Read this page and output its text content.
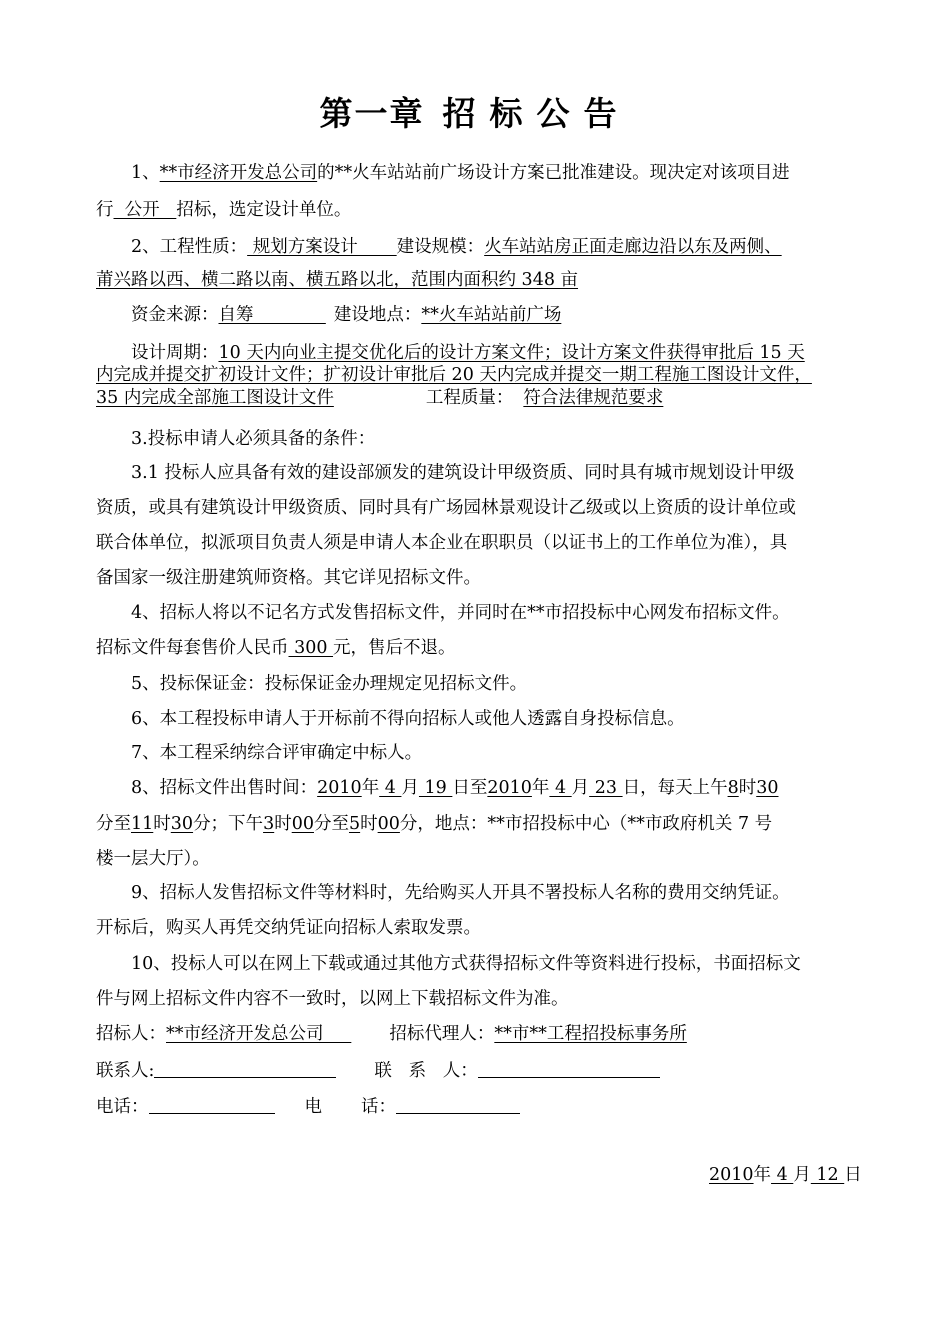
第一章 招标公告
1、**市经济开发总公司的**火车站站前广场设计方案已批准建设。现决定对该项目进
行  公开   招标，选定设计单位。
2、工程性质： 规划方案设计       建设规模：火车站站房正面走廊边沿以东及两侧、
莆兴路以西、横二路以南、横五路以北，范围内面积约 348 亩
资金来源：自筹             建设地点：**火车站站前广场
设计周期：10 天内向业主提交优化后的设计方案文件；设计方案文件获得审批后 15 天
内完成并提交扩初设计文件；扩初设计审批后 20 天内完成并提交一期工程施工图设计文件，
35 内完成全部施工图设计文件	工程质量： 符合法律规范要求
3.投标申请人必须具备的条件：
3.1 投标人应具备有效的建设部颁发的建筑设计甲级资质、同时具有城市规划设计甲级
资质，或具有建筑设计甲级资质、同时具有广场园林景观设计乙级或以上资质的设计单位或
联合体单位，拟派项目负责人须是申请人本企业在职职员（以证书上的工作单位为准），具
备国家一级注册建筑师资格。其它详见招标文件。
4、招标人将以不记名方式发售招标文件，并同时在**市招投标中心网发布招标文件。
招标文件每套售价人民币 300 元，售后不退。
5、投标保证金：投标保证金办理规定见招标文件。
6、本工程投标申请人于开标前不得向招标人或他人透露自身投标信息。
7、本工程采纳综合评审确定中标人。
8、招标文件出售时间：2010年 4 月 19 日至2010年 4 月 23 日，每天上午8时30
分至11时30分；下午3时00分至5时00分，地点：**市招投标中心（**市政府机关 7 号
楼一层大厅）。
9、招标人发售招标文件等材料时，先给购买人开具不署投标人名称的费用交纳凭证。
开标后，购买人再凭交纳凭证向招标人索取发票。
10、投标人可以在网上下载或通过其他方式获得招标文件等资料进行投标，书面招标文
件与网上招标文件内容不一致时，以网上下载招标文件为准。
招标人：**市经济开发总公司     招标代理人：**市**工程招投标事务所
联系人:	联   系   人：
电话：	电       话：
2010年 4 月 12 日
